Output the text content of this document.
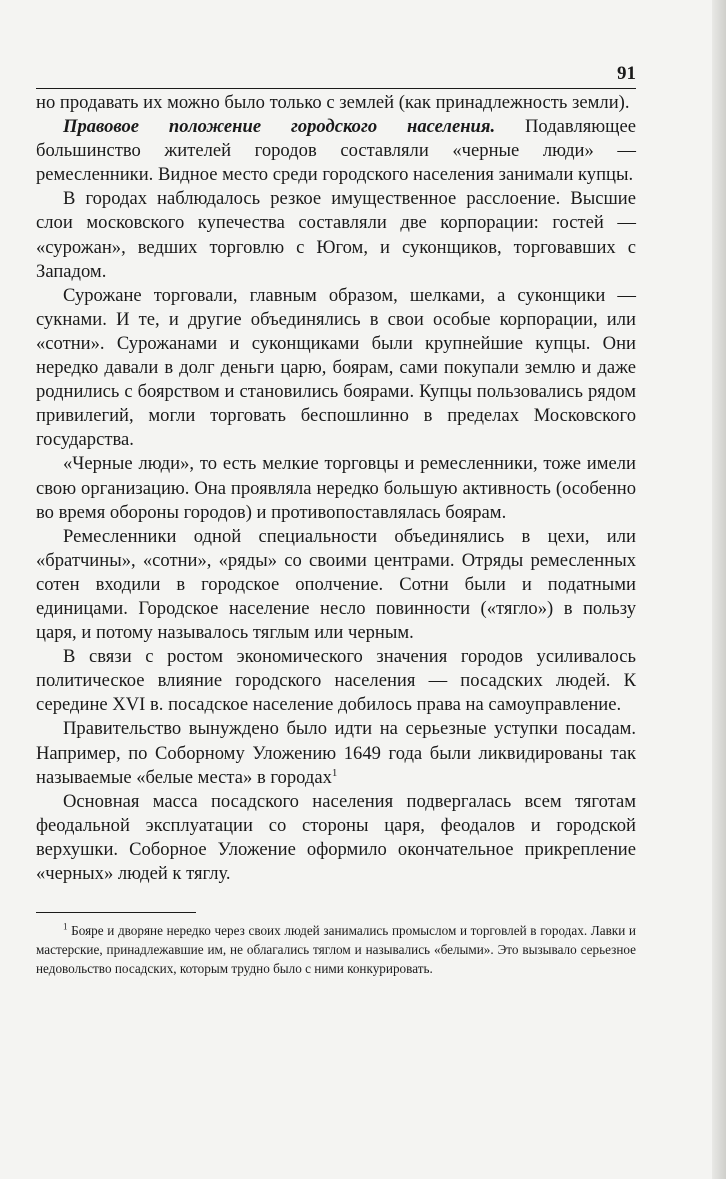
91

но продавать их можно было только с землей (как принадлежность земли).

Правовое положение городского населения. Подавляющее большинство жителей городов составляли «черные люди» — ремесленники. Видное место среди городского населения занимали купцы.

В городах наблюдалось резкое имущественное расслоение. Высшие слои московского купечества составляли две корпорации: гостей — «сурожан», ведших торговлю с Югом, и суконщиков, торговавших с Западом.

Сурожане торговали, главным образом, шелками, а суконщики — сукнами. И те, и другие объединялись в свои особые корпорации, или «сотни». Сурожанами и суконщиками были крупнейшие купцы. Они нередко давали в долг деньги царю, боярам, сами покупали землю и даже роднились с боярством и становились боярами. Купцы пользовались рядом привилегий, могли торговать беспошлинно в пределах Московского государства.

«Черные люди», то есть мелкие торговцы и ремесленники, тоже имели свою организацию. Она проявляла нередко большую активность (особенно во время обороны городов) и противопоставлялась боярам.

Ремесленники одной специальности объединялись в цехи, или «братчины», «сотни», «ряды» со своими центрами. Отряды ремесленных сотен входили в городское ополчение. Сотни были и податными единицами. Городское население несло повинности («тягло») в пользу царя, и потому называлось тяглым или черным.

В связи с ростом экономического значения городов усиливалось политическое влияние городского населения — посадских людей. К середине XVI в. посадское население добилось права на самоуправление.

Правительство вынуждено было идти на серьезные уступки посадам. Например, по Соборному Уложению 1649 года были ликвидированы так называемые «белые места» в городах$^1$

Основная масса посадского населения подвергалась всем тяготам феодальной эксплуатации со стороны царя, феодалов и городской верхушки. Соборное Уложение оформило окончательное прикрепление «черных» людей к тяглу.

$^1$ Бояре и дворяне нередко через своих людей занимались промыслом и торговлей в городах. Лавки и мастерские, принадлежавшие им, не облагались тяглом и назывались «белыми». Это вызывало серьезное недовольство посадских, которым трудно было с ними конкурировать.
